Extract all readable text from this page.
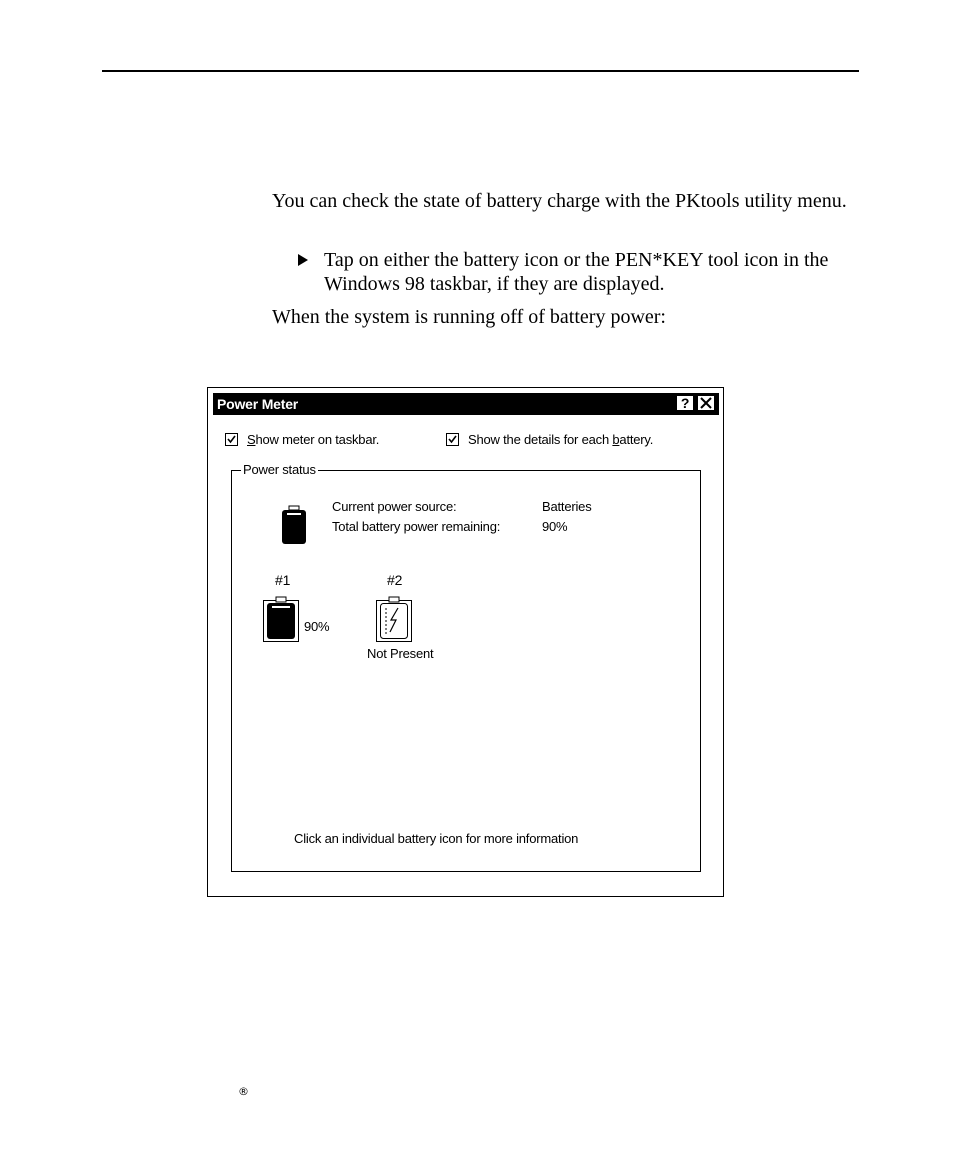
You can check the state of battery charge with the PKtools utility menu.

Tap on either the battery icon or the PEN*KEY tool icon in the Windows 98 taskbar, if they are displayed.

When the system is running off of battery power:

Power Meter	?
Show meter on taskbar.	Show the details for each battery.
Power status
Current power source:	Batteries
Total battery power remaining:	90%
#1	#2
90%
Not Present
Click an individual battery icon for more information
®
